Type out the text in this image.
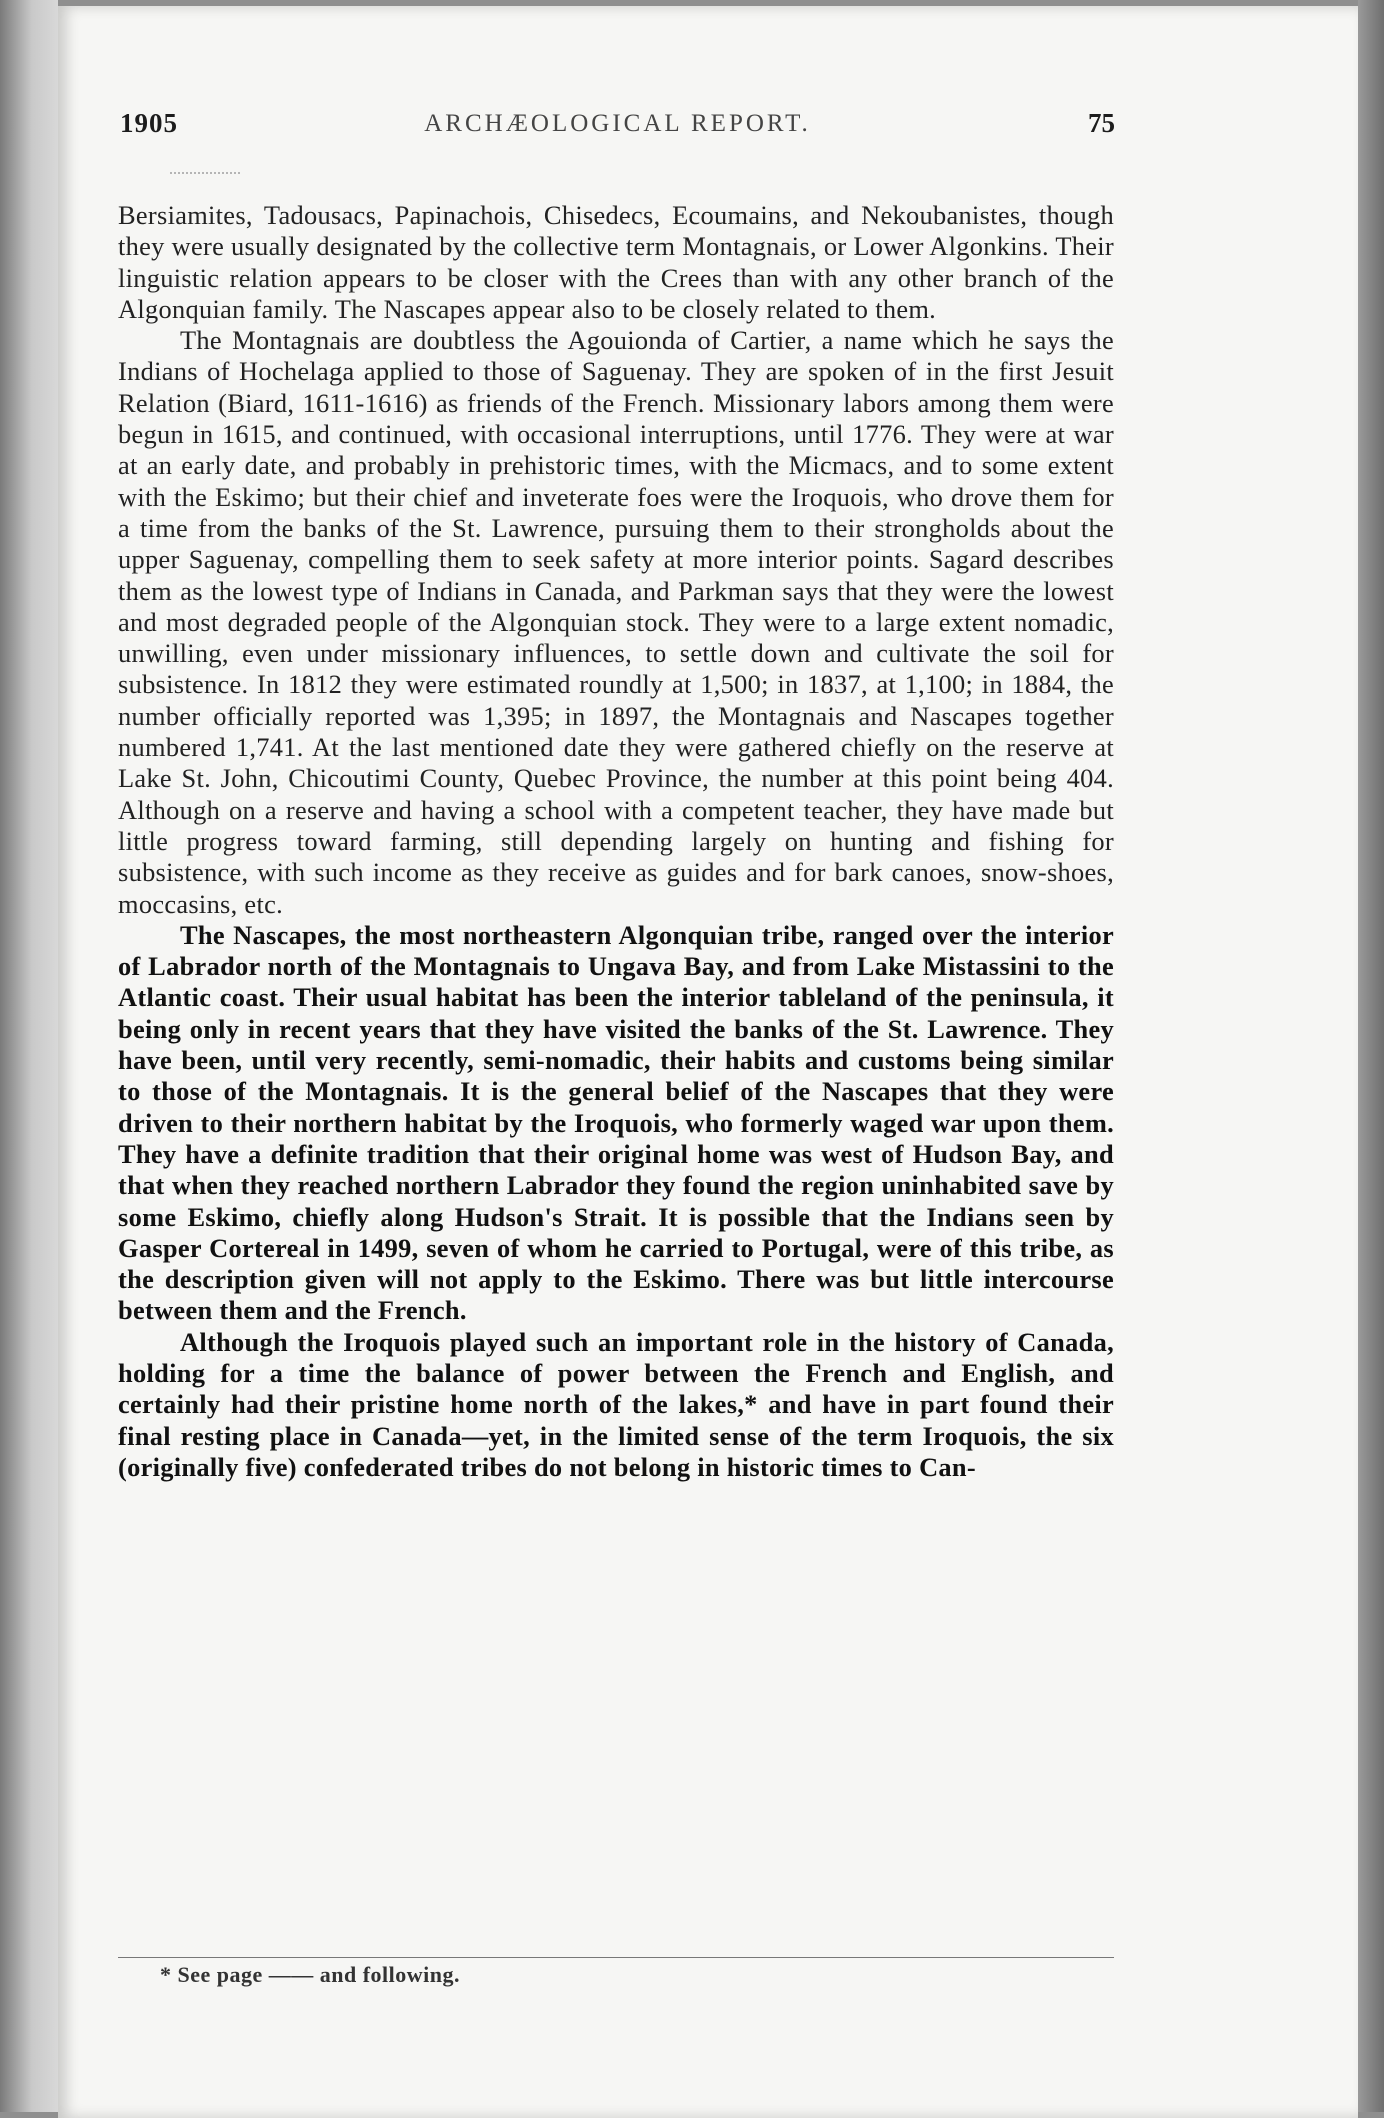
1905	ARCHÆOLOGICAL REPORT.	75

Bersiamites, Tadousacs, Papinachois, Chisedecs, Ecoumains, and Nekoubanistes, though they were usually designated by the collective term Montagnais, or Lower Algonkins. Their linguistic relation appears to be closer with the Crees than with any other branch of the Algonquian family. The Nascapes appear also to be closely related to them.

The Montagnais are doubtless the Agouionda of Cartier, a name which he says the Indians of Hochelaga applied to those of Saguenay. They are spoken of in the first Jesuit Relation (Biard, 1611-1616) as friends of the French. Missionary labors among them were begun in 1615, and continued, with occasional interruptions, until 1776. They were at war at an early date, and probably in prehistoric times, with the Micmacs, and to some extent with the Eskimo; but their chief and inveterate foes were the Iroquois, who drove them for a time from the banks of the St. Lawrence, pursuing them to their strongholds about the upper Saguenay, compelling them to seek safety at more interior points. Sagard describes them as the lowest type of Indians in Canada, and Parkman says that they were the lowest and most degraded people of the Algonquian stock. They were to a large extent nomadic, unwilling, even under missionary influences, to settle down and cultivate the soil for subsistence. In 1812 they were estimated roundly at 1,500; in 1837, at 1,100; in 1884, the number officially reported was 1,395; in 1897, the Montagnais and Nascapes together numbered 1,741. At the last mentioned date they were gathered chiefly on the reserve at Lake St. John, Chicoutimi County, Quebec Province, the number at this point being 404. Although on a reserve and having a school with a competent teacher, they have made but little progress toward farming, still depending largely on hunting and fishing for subsistence, with such income as they receive as guides and for bark canoes, snow-shoes, moccasins, etc.

The Nascapes, the most northeastern Algonquian tribe, ranged over the interior of Labrador north of the Montagnais to Ungava Bay, and from Lake Mistassini to the Atlantic coast. Their usual habitat has been the interior tableland of the peninsula, it being only in recent years that they have visited the banks of the St. Lawrence. They have been, until very recently, semi-nomadic, their habits and customs being similar to those of the Montagnais. It is the general belief of the Nascapes that they were driven to their northern habitat by the Iroquois, who formerly waged war upon them. They have a definite tradition that their original home was west of Hudson Bay, and that when they reached northern Labrador they found the region uninhabited save by some Eskimo, chiefly along Hudson's Strait. It is possible that the Indians seen by Gasper Cortereal in 1499, seven of whom he carried to Portugal, were of this tribe, as the description given will not apply to the Eskimo. There was but little intercourse between them and the French.

Although the Iroquois played such an important role in the history of Canada, holding for a time the balance of power between the French and English, and certainly had their pristine home north of the lakes,* and have in part found their final resting place in Canada—yet, in the limited sense of the term Iroquois, the six (originally five) confederated tribes do not belong in historic times to Can-

* See page —— and following.
